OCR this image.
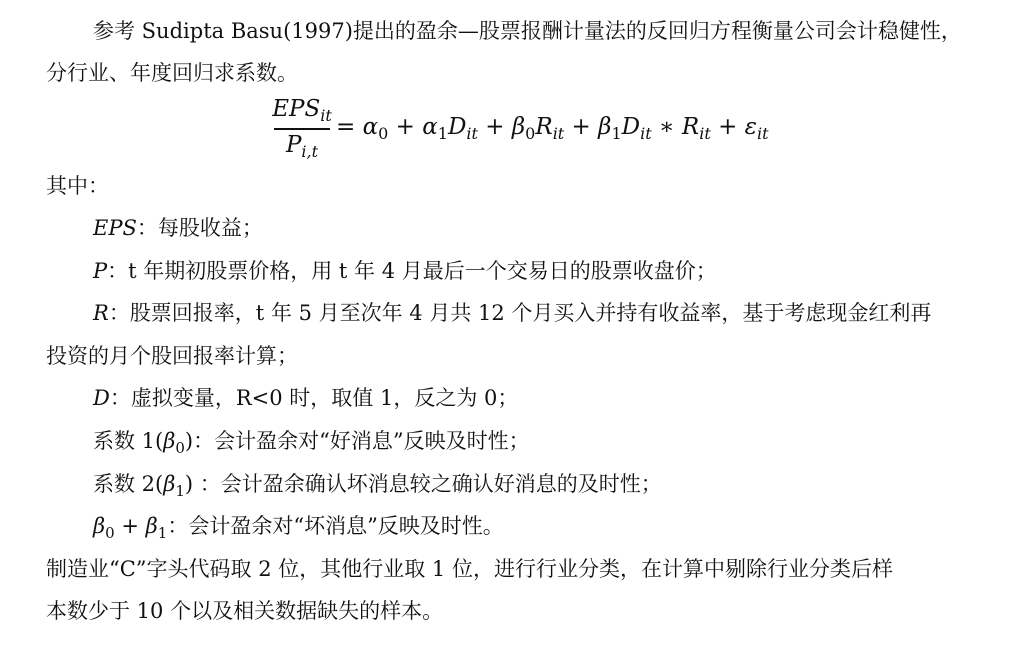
参考 Sudipta Basu(1997)提出的盈余—股票报酬计量法的反回归方程衡量公司会计稳健性，
分行业、年度回归求系数。
$EPS_{it}$
$P_{i,t}$
= $\alpha_0 + \alpha_1D_{it} + \beta_0R_{it} + \beta_1D_{it}$ ∗ $R_{it} + \varepsilon_{it}$
其中：
EPS：每股收益；
P：t 年期初股票价格，用 t 年 4 月最后一个交易日的股票收盘价；
R：股票回报率，t 年 5 月至次年 4 月共 12 个月买入并持有收益率，基于考虑现金红利再
投资的月个股回报率计算；
D：虚拟变量，R<0 时，取值 1，反之为 0；
系数 $1(\beta_0)$：会计盈余对“好消息”反映及时性；
系数 $2(\beta_1)$ ：会计盈余确认坏消息较之确认好消息的及时性；
$\beta_0 + \beta_1$：会计盈余对“坏消息”反映及时性。
制造业“C”字头代码取 2 位，其他行业取 1 位，进行行业分类，在计算中剔除行业分类后样
本数少于 10 个以及相关数据缺失的样本。
